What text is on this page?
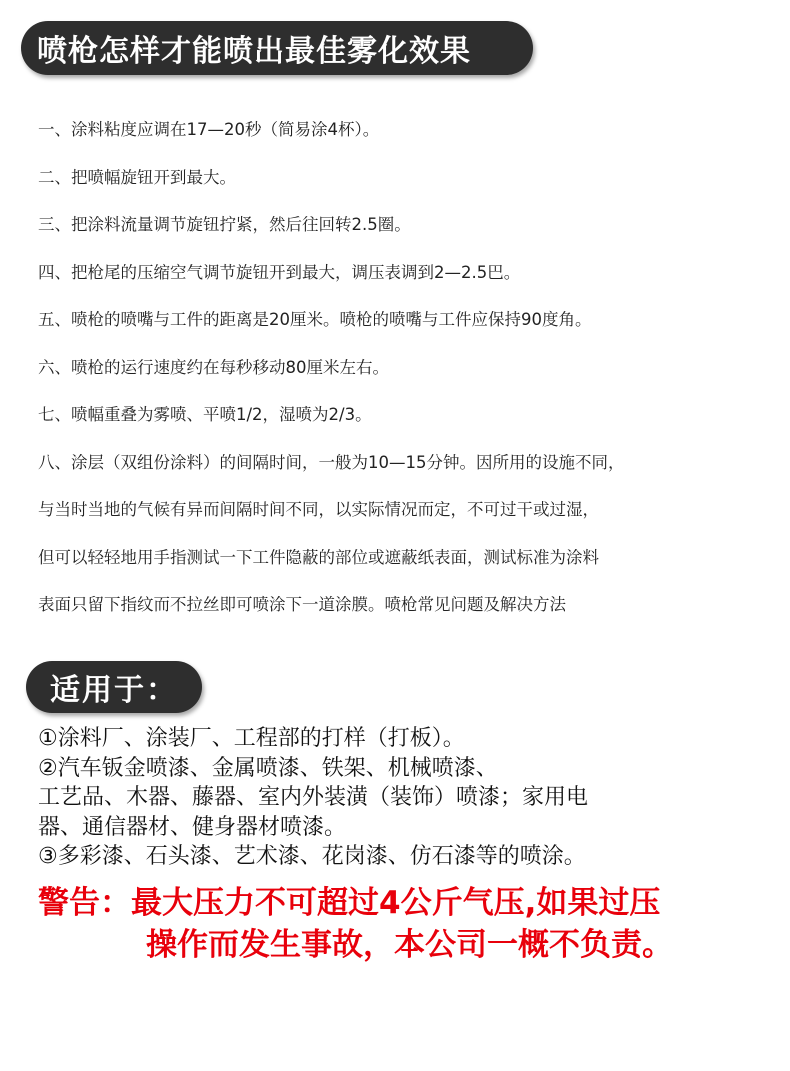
喷枪怎样才能喷出最佳雾化效果
一、涂料粘度应调在17—20秒（简易涂4杯）。
二、把喷幅旋钮开到最大。
三、把涂料流量调节旋钮拧紧，然后往回转2.5圈。
四、把枪尾的压缩空气调节旋钮开到最大，调压表调到2—2.5巴。
五、喷枪的喷嘴与工件的距离是20厘米。喷枪的喷嘴与工件应保持90度角。
六、喷枪的运行速度约在每秒移动80厘米左右。
七、喷幅重叠为雾喷、平喷1/2，湿喷为2/3。
八、涂层（双组份涂料）的间隔时间，一般为10—15分钟。因所用的设施不同，
与当时当地的气候有异而间隔时间不同，以实际情况而定，不可过干或过湿，
但可以轻轻地用手指测试一下工件隐蔽的部位或遮蔽纸表面，测试标准为涂料
表面只留下指纹而不拉丝即可喷涂下一道涂膜。喷枪常见问题及解决方法
适用于：
①涂料厂、涂装厂、工程部的打样（打板）。
②汽车钣金喷漆、金属喷漆、铁架、机械喷漆、
工艺品、木器、藤器、室内外装潢（装饰）喷漆；家用电
器、通信器材、健身器材喷漆。
③多彩漆、石头漆、艺术漆、花岗漆、仿石漆等的喷涂。
警告：最大压力不可超过4公斤气压,如果过压
操作而发生事故，本公司一概不负责。
